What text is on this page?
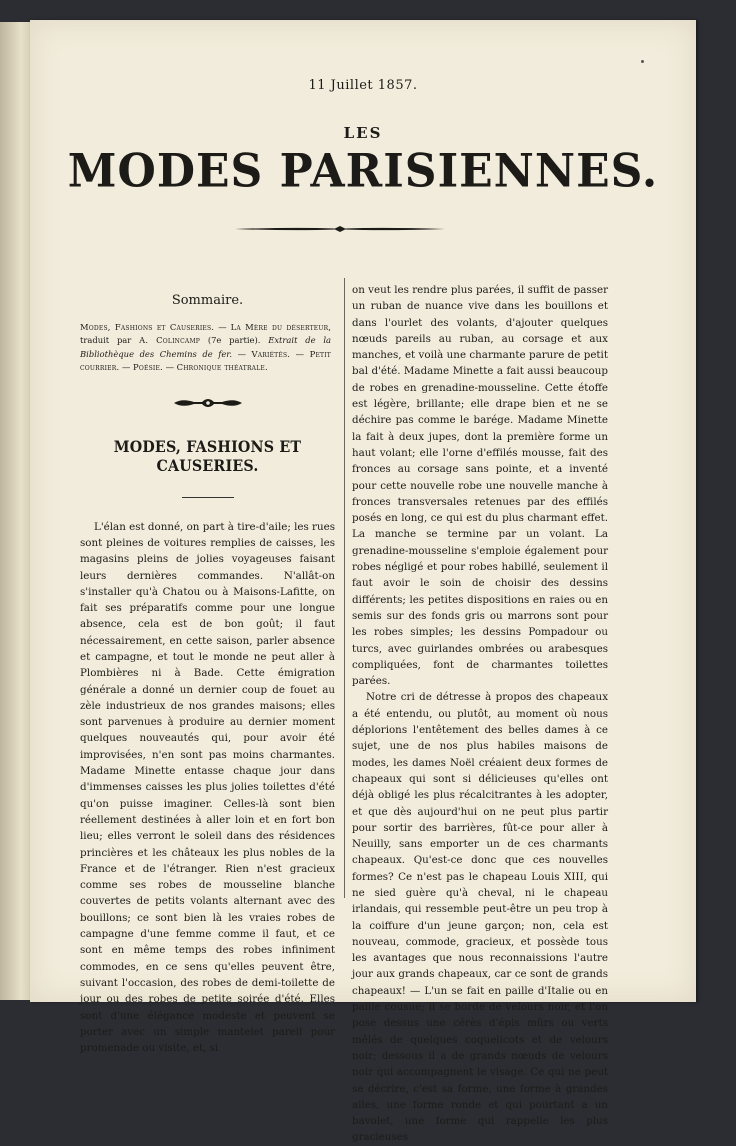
11 Juillet 1857.
LES
MODES PARISIENNES.
Sommaire.
Modes, Fashions et Causeries. — La Mère du déserteur, traduit par A. Colincamp (7e partie). Extrait de la Bibliothèque des Chemins de fer. — Variétés. — Petit courrier. — Poésie. — Chronique théatrale.
MODES, FASHIONS ET CAUSERIES.

L'élan est donné, on part à tire-d'aile; les rues sont pleines de voitures remplies de caisses, les magasins pleins de jolies voyageuses faisant leurs dernières commandes. N'allât-on s'installer qu'à Chatou ou à Maisons-Lafitte, on fait ses préparatifs comme pour une longue absence, cela est de bon goût; il faut nécessairement, en cette saison, parler absence et campagne, et tout le monde ne peut aller à Plombières ni à Bade. Cette émigration générale a donné un dernier coup de fouet au zèle industrieux de nos grandes maisons; elles sont parvenues à produire au dernier moment quelques nouveautés qui, pour avoir été improvisées, n'en sont pas moins charmantes. Madame Minette entasse chaque jour dans d'immenses caisses les plus jolies toilettes d'été qu'on puisse imaginer. Celles-là sont bien réellement destinées à aller loin et en fort bon lieu; elles verront le soleil dans des résidences princières et les châteaux les plus nobles de la France et de l'étranger. Rien n'est gracieux comme ses robes de mousseline blanche couvertes de petits volants alternant avec des bouillons; ce sont bien là les vraies robes de campagne d'une femme comme il faut, et ce sont en même temps des robes infiniment commodes, en ce sens qu'elles peuvent être, suivant l'occasion, des robes de demi-toilette de jour ou des robes de petite soirée d'été. Elles sont d'une élégance modeste et peuvent se porter avec un simple mantelet pareil pour promenade ou visite, et, si

on veut les rendre plus parées, il suffit de passer un ruban de nuance vive dans les bouillons et dans l'ourlet des volants, d'ajouter quelques nœuds pareils au ruban, au corsage et aux manches, et voilà une charmante parure de petit bal d'été. Madame Minette a fait aussi beaucoup de robes en grenadine-mousseline. Cette étoffe est légère, brillante; elle drape bien et ne se déchire pas comme le barége. Madame Minette la fait à deux jupes, dont la première forme un haut volant; elle l'orne d'effilés mousse, fait des fronces au corsage sans pointe, et a inventé pour cette nouvelle robe une nouvelle manche à fronces transversales retenues par des effilés posés en long, ce qui est du plus charmant effet. La manche se termine par un volant. La grenadine-mousseline s'emploie également pour robes négligé et pour robes habillé, seulement il faut avoir le soin de choisir des dessins différents; les petites dispositions en raies ou en semis sur des fonds gris ou marrons sont pour les robes simples; les dessins Pompadour ou turcs, avec guirlandes ombrées ou arabesques compliquées, font de charmantes toilettes parées.

Notre cri de détresse à propos des chapeaux a été entendu, ou plutôt, au moment où nous déplorions l'entêtement des belles dames à ce sujet, une de nos plus habiles maisons de modes, les dames Noël créaient deux formes de chapeaux qui sont si délicieuses qu'elles ont déjà obligé les plus récalcitrantes à les adopter, et que dès aujourd'hui on ne peut plus partir pour sortir des barrières, fût-ce pour aller à Neuilly, sans emporter un de ces charmants chapeaux. Qu'est-ce donc que ces nouvelles formes? Ce n'est pas le chapeau Louis XIII, qui ne sied guère qu'à cheval, ni le chapeau irlandais, qui ressemble peut-être un peu trop à la coiffure d'un jeune garçon; non, cela est nouveau, commode, gracieux, et possède tous les avantages que nous reconnaissions l'autre jour aux grands chapeaux, car ce sont de grands chapeaux! — L'un se fait en paille d'Italie ou en paille cousue; il se borde de velours noir, et l'on pose dessus une cérès d'épis mûrs ou verts mêlés de quelques coquelicots et de velours noir; dessous il a de grands nœuds de velours noir qui accompagnent le visage. Ce qui ne peut se décrire, c'est sa forme, une forme à grandes ailes, une forme ronde et qui pourtant a un bavolet, une forme qui rappelle les plus gracieuses
